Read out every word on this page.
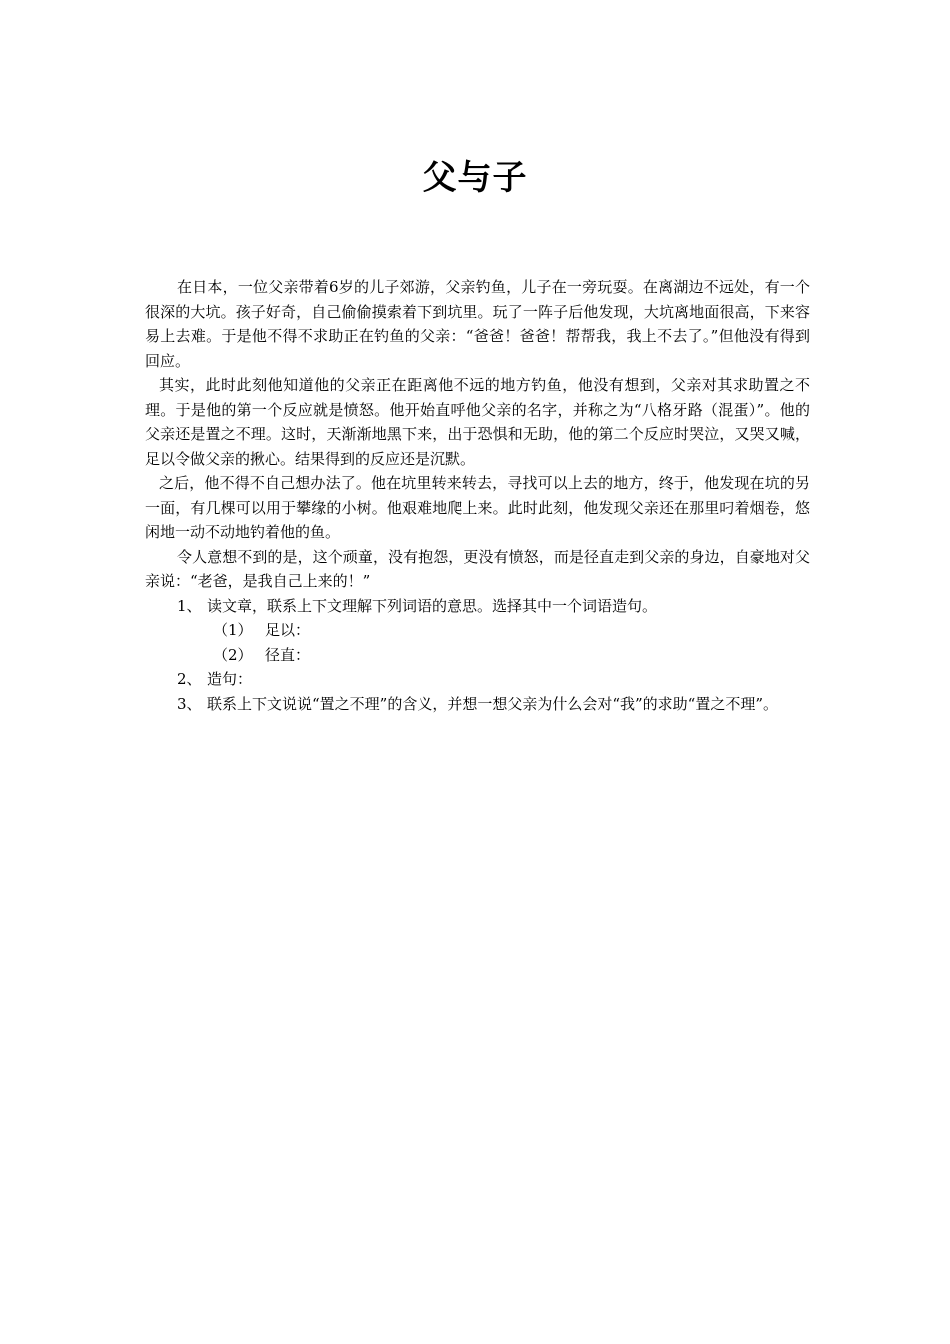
父与子

在日本，一位父亲带着6岁的儿子郊游，父亲钓鱼，儿子在一旁玩耍。在离湖边不远处，有一个很深的大坑。孩子好奇，自己偷偷摸索着下到坑里。玩了一阵子后他发现，大坑离地面很高，下来容易上去难。于是他不得不求助正在钓鱼的父亲：“爸爸！爸爸！帮帮我，我上不去了。”但他没有得到回应。

其实，此时此刻他知道他的父亲正在距离他不远的地方钓鱼，他没有想到，父亲对其求助置之不理。于是他的第一个反应就是愤怒。他开始直呼他父亲的名字，并称之为“八格牙路（混蛋）”。他的父亲还是置之不理。这时，天渐渐地黑下来，出于恐惧和无助，他的第二个反应时哭泣，又哭又喊，足以令做父亲的揪心。结果得到的反应还是沉默。

之后，他不得不自己想办法了。他在坑里转来转去，寻找可以上去的地方，终于，他发现在坑的另一面，有几棵可以用于攀缘的小树。他艰难地爬上来。此时此刻，他发现父亲还在那里叼着烟卷，悠闲地一动不动地钓着他的鱼。

令人意想不到的是，这个顽童，没有抱怨，更没有愤怒，而是径直走到父亲的身边，自豪地对父亲说：“老爸，是我自己上来的！”

1、 读文章，联系上下文理解下列词语的意思。选择其中一个词语造句。
（1） 足以：
（2） 径直：
2、 造句：
3、 联系上下文说说“置之不理”的含义，并想一想父亲为什么会对“我”的求助“置之不理”。
